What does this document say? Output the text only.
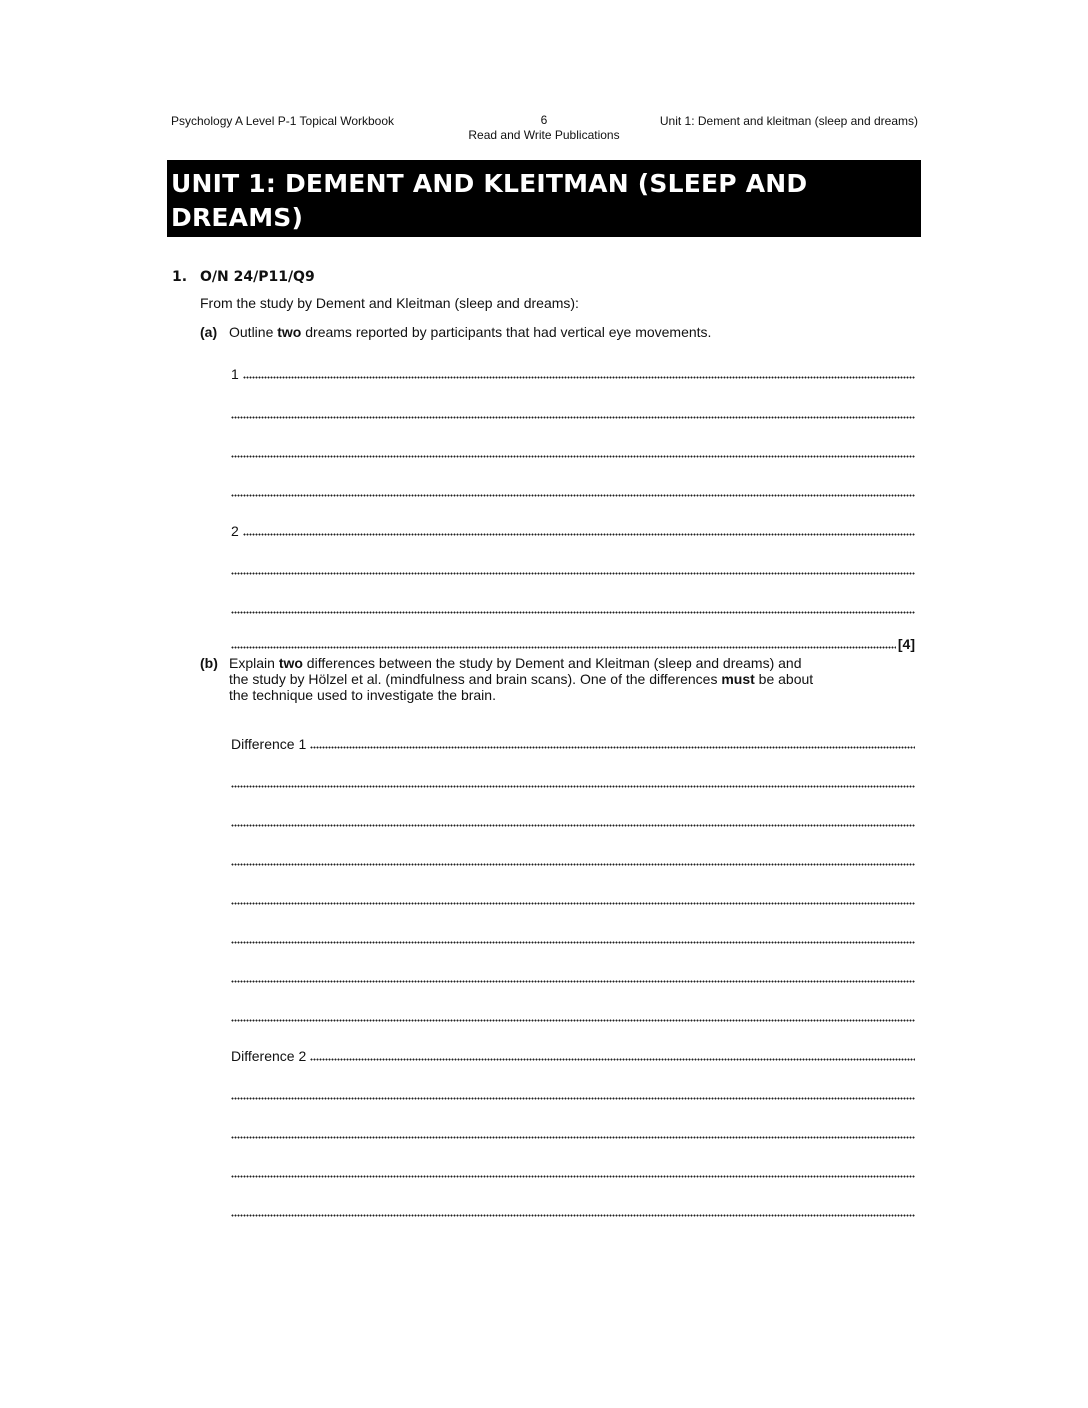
Psychology A Level P-1 Topical Workbook	6
Read and Write Publications
Unit 1: Dement and kleitman (sleep and dreams)
UNIT 1: DEMENT AND KLEITMAN (SLEEP AND DREAMS)
1. O/N 24/P11/Q9
From the study by Dement and Kleitman (sleep and dreams):
(a) Outline two dreams reported by participants that had vertical eye movements.
1
2
[4]
(b) Explain two differences between the study by Dement and Kleitman (sleep and dreams) and
the study by Hölzel et al. (mindfulness and brain scans). One of the differences must be about
the technique used to investigate the brain.
Difference 1
Difference 2
